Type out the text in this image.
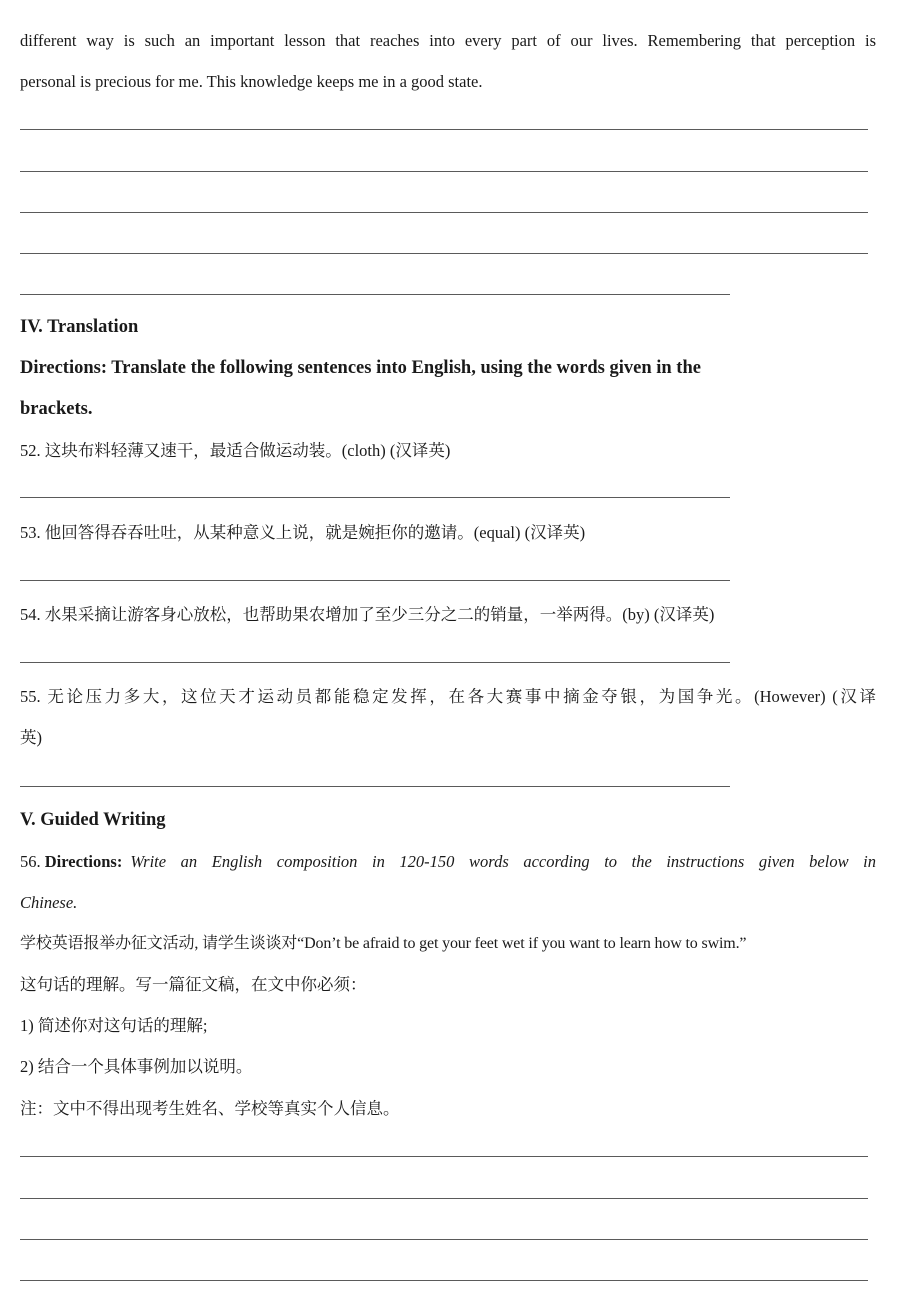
different way is such an important lesson that reaches into every part of our lives. Remembering that perception is
personal is precious for me. This knowledge keeps me in a good state.
IV. Translation
Directions: Translate the following sentences into English, using the words given in the
brackets.
52. 这块布料轻薄又速干，最适合做运动装。(cloth) (汉译英)
53. 他回答得吞吞吐吐，从某种意义上说，就是婉拒你的邀请。(equal) (汉译英)
54. 水果采摘让游客身心放松，也帮助果农增加了至少三分之二的销量，一举两得。(by) (汉译英)
55. 无论压力多大，这位天才运动员都能稳定发挥，在各大赛事中摘金夺银，为国争光。(However) (汉译
英)
V. Guided Writing
56. Directions: Write an English composition in 120-150 words according to the instructions given below in
Chinese.
学校英语报举办征文活动, 请学生谈谈对“Don’t be afraid to get your feet wet if you want to learn how to swim.”
这句话的理解。写一篇征文稿，在文中你必须：
1) 简述你对这句话的理解;
2) 结合一个具体事例加以说明。
注：文中不得出现考生姓名、学校等真实个人信息。
